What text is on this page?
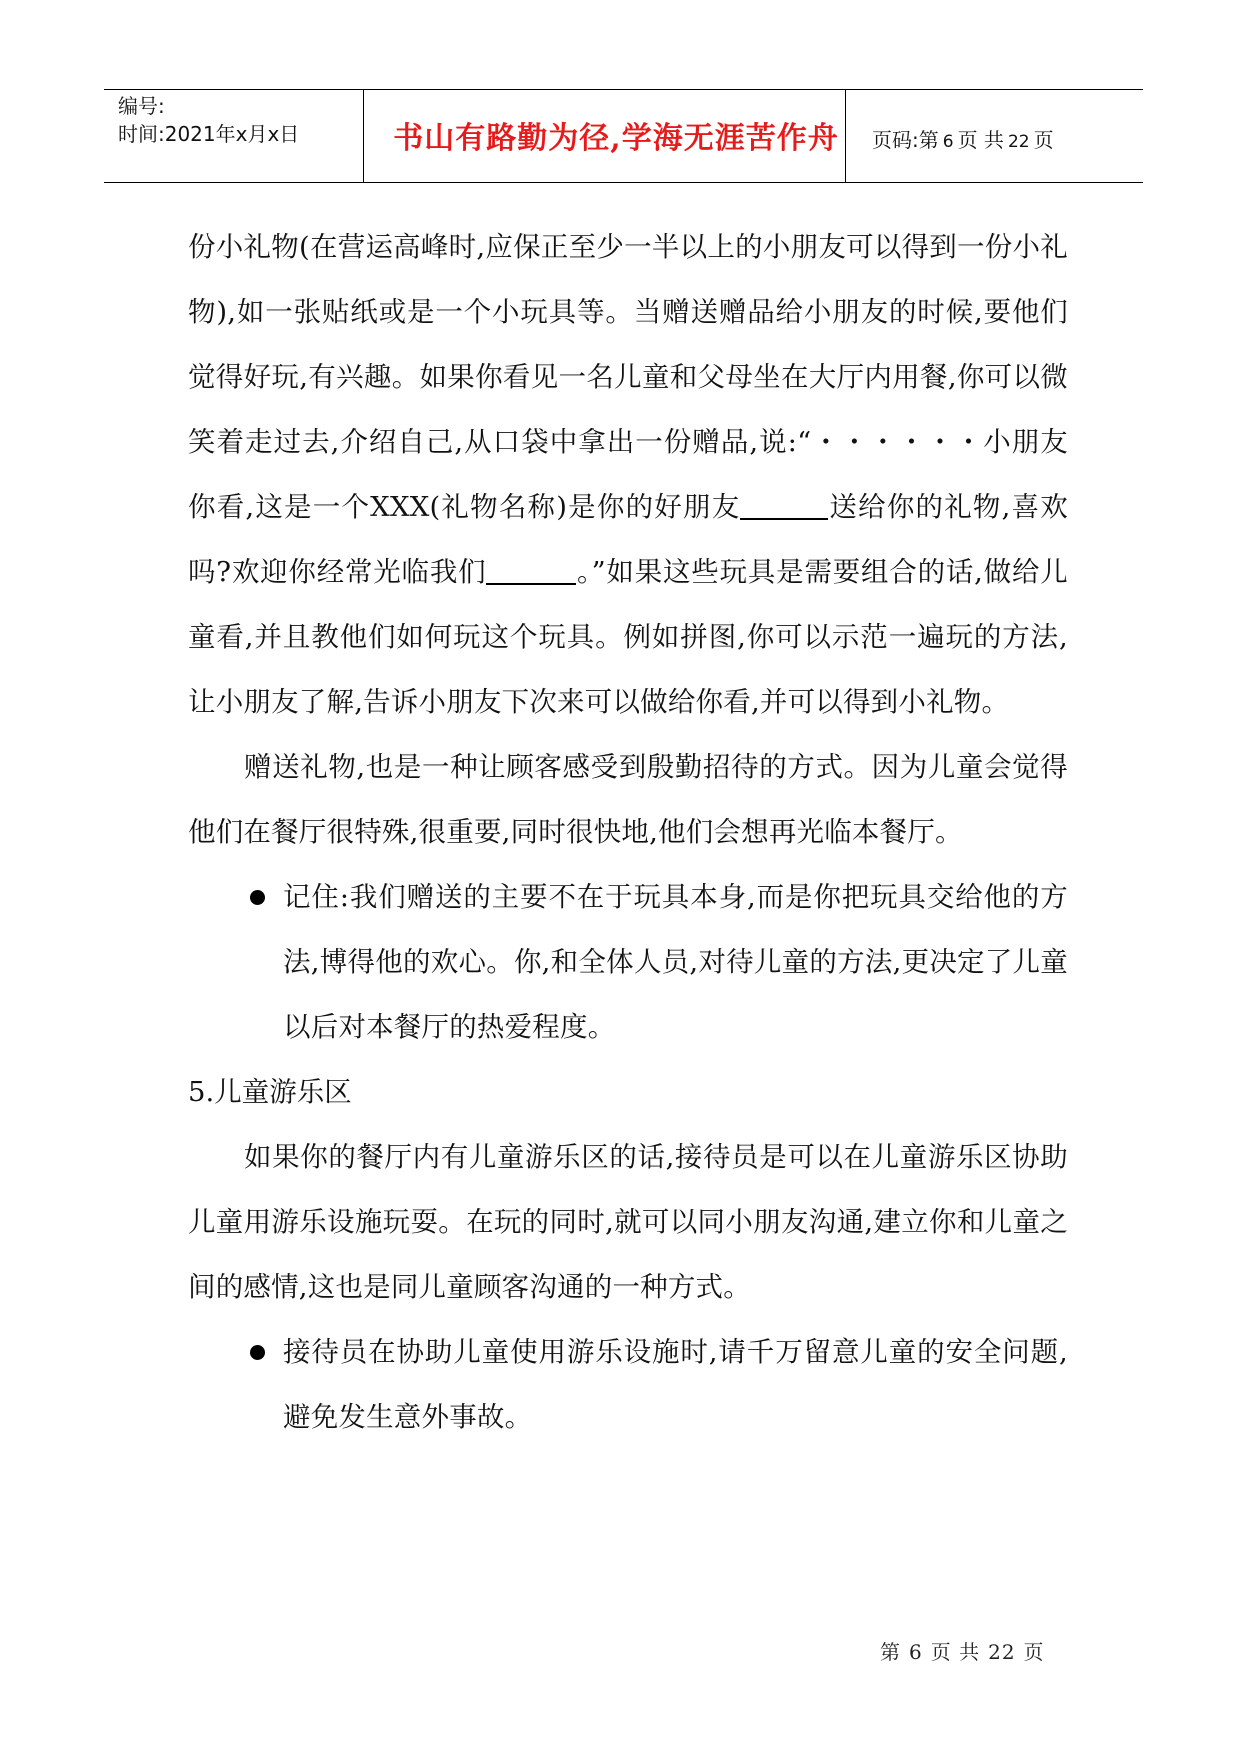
编号:
时间:2021年x月x日	书山有路勤为径,学海无涯苦作舟	页码:第 6 页 共 22 页

份小礼物(在营运高峰时,应保正至少一半以上的小朋友可以得到一份小礼物),如一张贴纸或是一个小玩具等。当赠送赠品给小朋友的时候,要他们觉得好玩,有兴趣。如果你看见一名儿童和父母坐在大厅内用餐,你可以微笑着走过去,介绍自己,从口袋中拿出一份赠品,说:“・・・・・・小朋友你看,这是一个XXX(礼物名称)是你的好朋友	送给你的礼物,喜欢吗?欢迎你经常光临我们	。”如果这些玩具是需要组合的话,做给儿童看,并且教他们如何玩这个玩具。例如拼图,你可以示范一遍玩的方法,让小朋友了解,告诉小朋友下次来可以做给你看,并可以得到小礼物。

赠送礼物,也是一种让顾客感受到殷勤招待的方式。因为儿童会觉得他们在餐厅很特殊,很重要,同时很快地,他们会想再光临本餐厅。

记住:我们赠送的主要不在于玩具本身,而是你把玩具交给他的方法,博得他的欢心。你,和全体人员,对待儿童的方法,更决定了儿童以后对本餐厅的热爱程度。

5.儿童游乐区

如果你的餐厅内有儿童游乐区的话,接待员是可以在儿童游乐区协助儿童用游乐设施玩耍。在玩的同时,就可以同小朋友沟通,建立你和儿童之间的感情,这也是同儿童顾客沟通的一种方式。

接待员在协助儿童使用游乐设施时,请千万留意儿童的安全问题,避免发生意外事故。
第 6 页 共 22 页
